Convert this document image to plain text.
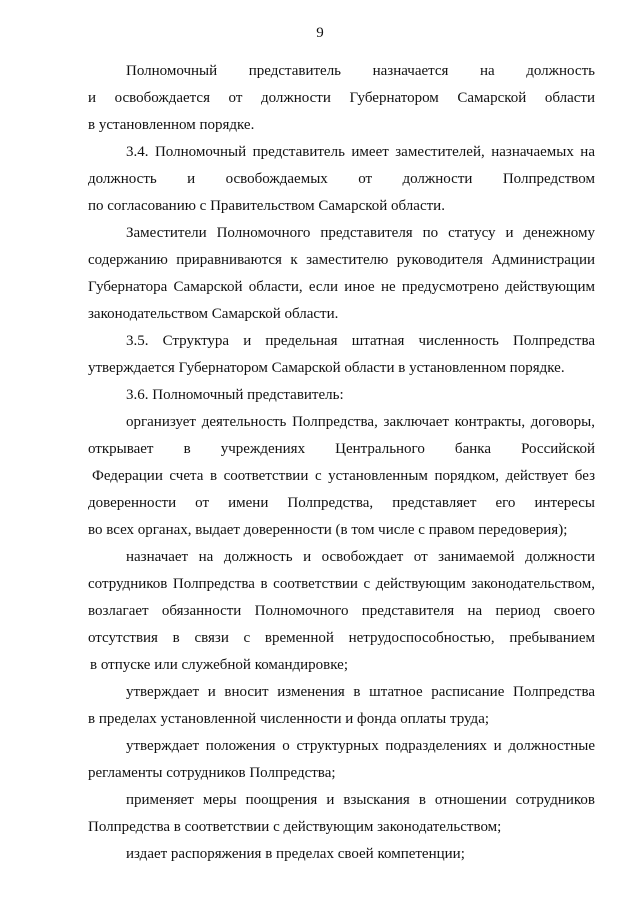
9
Полномочный представитель назначается на должность
и освобождается от должности Губернатором Самарской области
в установленном порядке.
3.4. Полномочный представитель имеет заместителей, назначаемых на
должность и освобождаемых от должности Полпредством
по согласованию с Правительством Самарской области.
Заместители Полномочного представителя по статусу и денежному
содержанию приравниваются к заместителю руководителя Администрации
Губернатора Самарской области, если иное не предусмотрено действующим
законодательством Самарской области.
3.5. Структура и предельная штатная численность Полпредства
утверждается Губернатором Самарской области в установленном порядке.
3.6. Полномочный представитель:
организует деятельность Полпредства, заключает контракты, договоры,
открывает в учреждениях Центрального банка Российской
Федерации счета в соответствии с установленным порядком, действует без
доверенности от имени Полпредства, представляет его интересы
во всех органах, выдает доверенности (в том числе с правом передоверия);
назначает на должность и освобождает от занимаемой должности
сотрудников Полпредства в соответствии с действующим законодательством,
возлагает обязанности Полномочного представителя на период своего
отсутствия в связи с временной нетрудоспособностью, пребыванием
в отпуске или служебной командировке;
утверждает и вносит изменения в штатное расписание Полпредства
в пределах установленной численности и фонда оплаты труда;
утверждает положения о структурных подразделениях и должностные
регламенты сотрудников Полпредства;
применяет меры поощрения и взыскания в отношении сотрудников
Полпредства в соответствии с действующим законодательством;
издает распоряжения в пределах своей компетенции;
